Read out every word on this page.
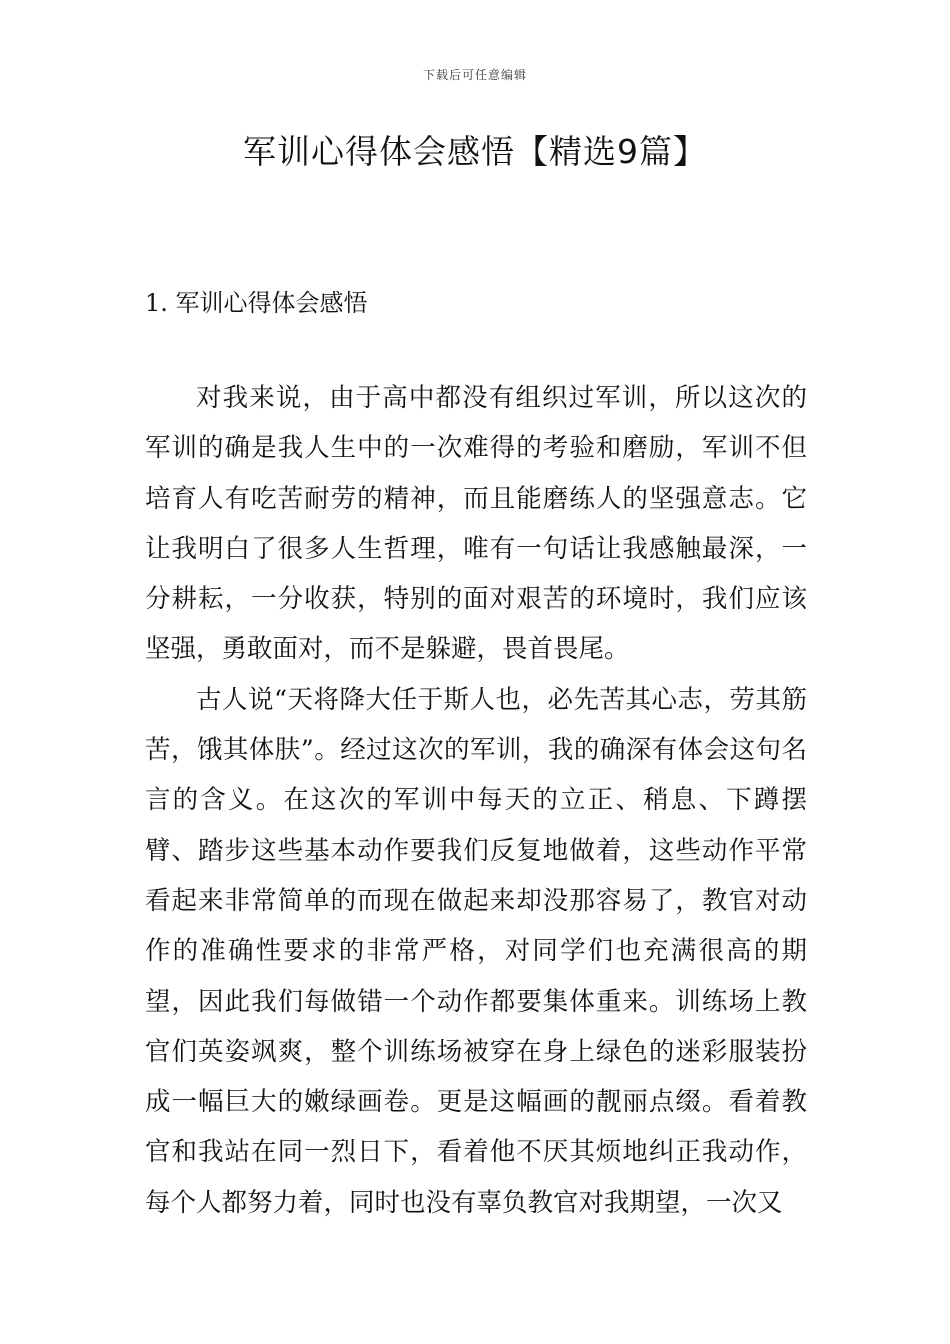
下载后可任意编辑
军训心得体会感悟【精选9篇】
1. 军训心得体会感悟

对我来说，由于高中都没有组织过军训，所以这次的军训的确是我人生中的一次难得的考验和磨励，军训不但培育人有吃苦耐劳的精神，而且能磨练人的坚强意志。它让我明白了很多人生哲理，唯有一句话让我感触最深，一分耕耘，一分收获，特别的面对艰苦的环境时，我们应该坚强，勇敢面对，而不是躲避，畏首畏尾。

古人说“天将降大任于斯人也，必先苦其心志，劳其筋苦，饿其体肤”。经过这次的军训，我的确深有体会这句名言的含义。在这次的军训中每天的立正、稍息、下蹲摆臂、踏步这些基本动作要我们反复地做着，这些动作平常看起来非常简单的而现在做起来却没那容易了，教官对动作的准确性要求的非常严格，对同学们也充满很高的期望，因此我们每做错一个动作都要集体重来。训练场上教官们英姿飒爽，整个训练场被穿在身上绿色的迷彩服装扮成一幅巨大的嫩绿画卷。更是这幅画的靓丽点缀。看着教官和我站在同一烈日下，看着他不厌其烦地纠正我动作，每个人都努力着，同时也没有辜负教官对我期望，一次又
